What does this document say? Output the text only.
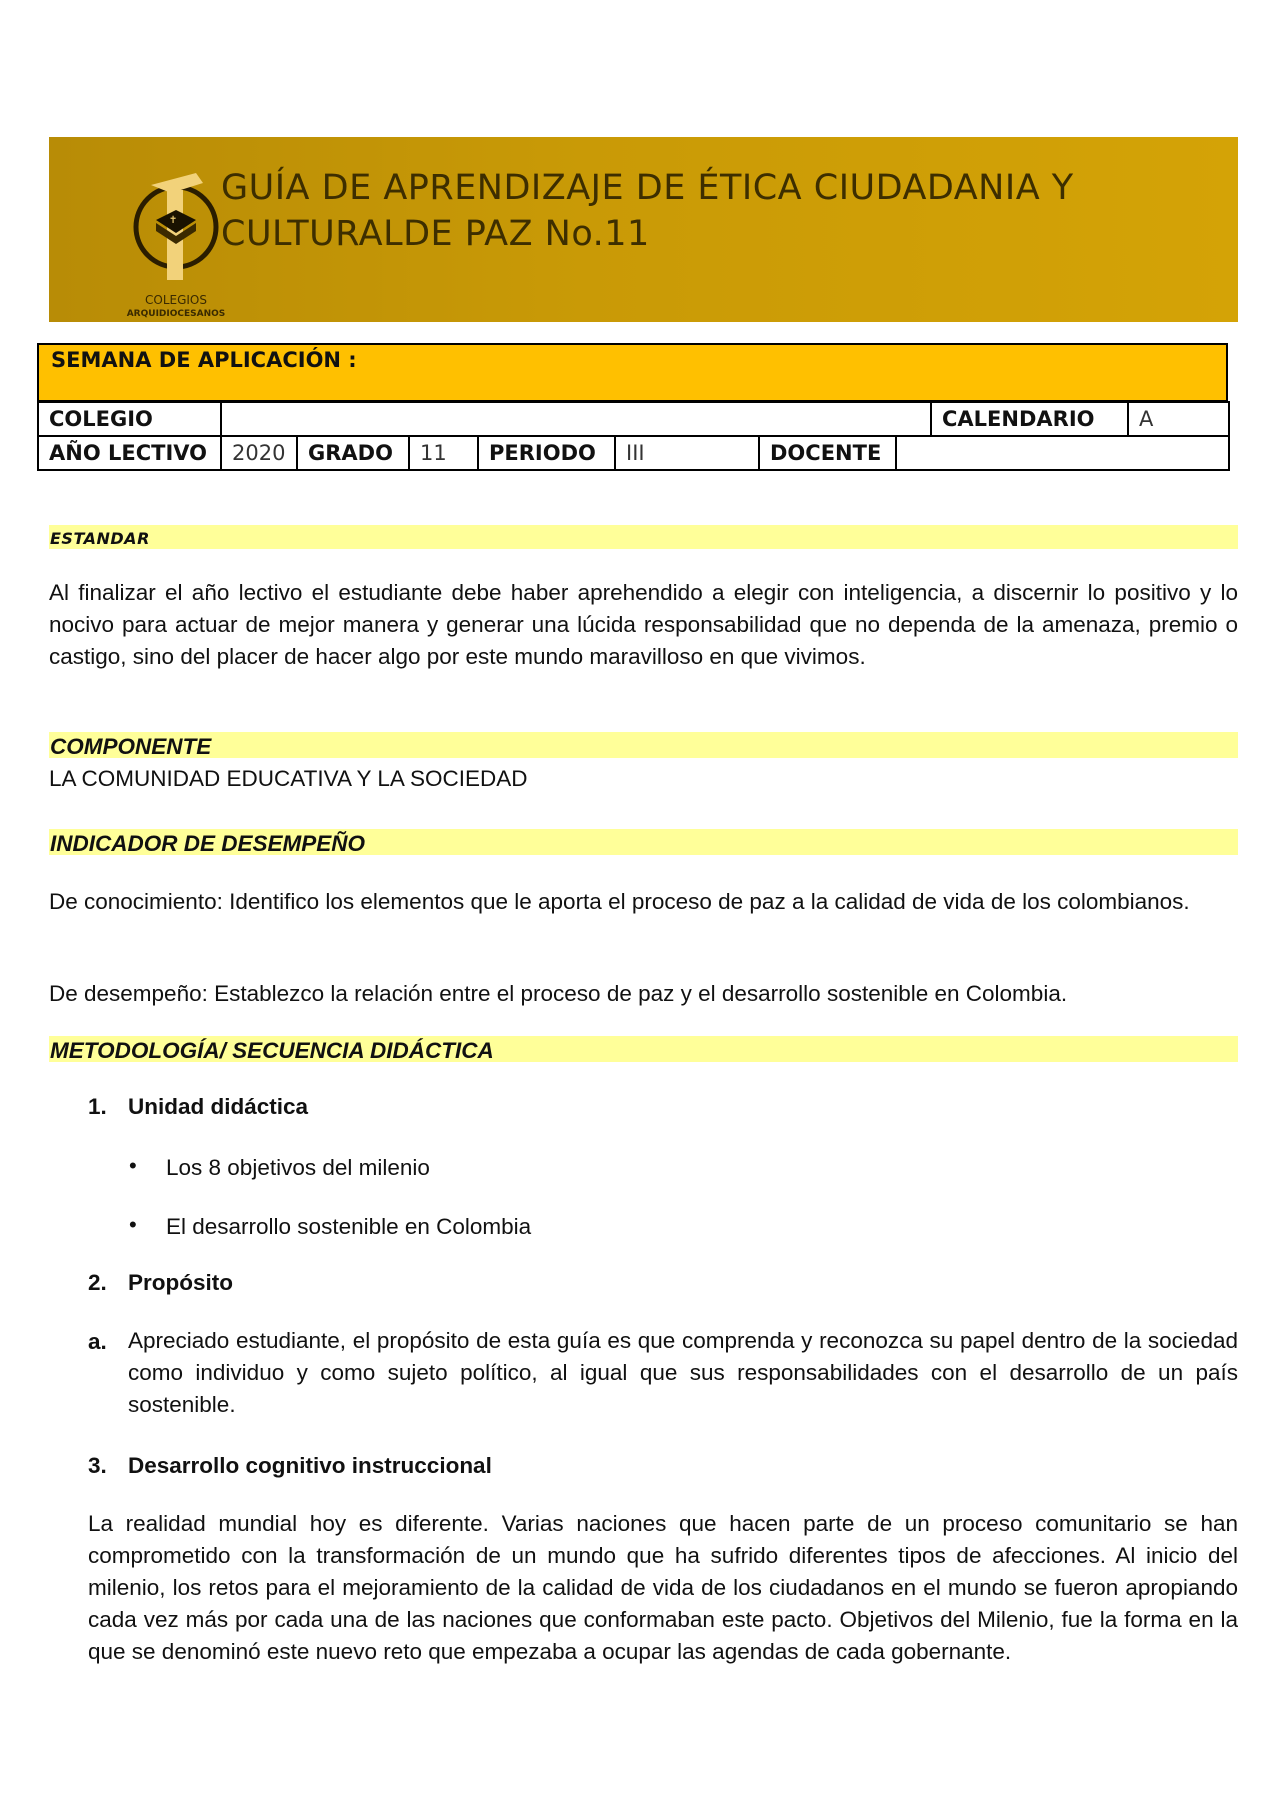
✝
COLEGIOS
ARQUIDIOCESANOS
GUÍA DE APRENDIZAJE DE ÉTICA CIUDADANIA Y
CULTURALDE PAZ No.11
SEMANA DE APLICACIÓN :
COLEGIO								CALENDARIO	A
AÑO LECTIVO	2020	GRADO	11	PERIODO	III	DOCENTE			
ESTANDAR
Al finalizar el año lectivo el estudiante debe haber aprehendido a elegir con inteligencia, a discernir lo positivo y lo nocivo para actuar de mejor manera y generar una lúcida responsabilidad que no dependa de la amenaza, premio o castigo, sino del placer de hacer algo por este mundo maravilloso en que vivimos.
COMPONENTE
LA COMUNIDAD EDUCATIVA Y LA SOCIEDAD
INDICADOR DE DESEMPEÑO
De conocimiento: Identifico los elementos que le aporta el proceso de paz a la calidad de vida de los colombianos.
De desempeño: Establezco la relación entre el proceso de paz y el desarrollo sostenible en Colombia.
METODOLOGÍA/ SECUENCIA DIDÁCTICA
1. Unidad didáctica
• Los 8 objetivos del milenio
• El desarrollo sostenible en Colombia
2. Propósito
a. Apreciado estudiante, el propósito de esta guía es que comprenda y reconozca su papel dentro de la sociedad como individuo y como sujeto político, al igual que sus responsabilidades con el desarrollo de un país sostenible.
3. Desarrollo cognitivo instruccional
La realidad mundial hoy es diferente. Varias naciones que hacen parte de un proceso comunitario se han comprometido con la transformación de un mundo que ha sufrido diferentes tipos de afecciones. Al inicio del milenio, los retos para el mejoramiento de la calidad de vida de los ciudadanos en el mundo se fueron apropiando cada vez más por cada una de las naciones que conformaban este pacto. Objetivos del Milenio, fue la forma en la que se denominó este nuevo reto que empezaba a ocupar las agendas de cada gobernante.
